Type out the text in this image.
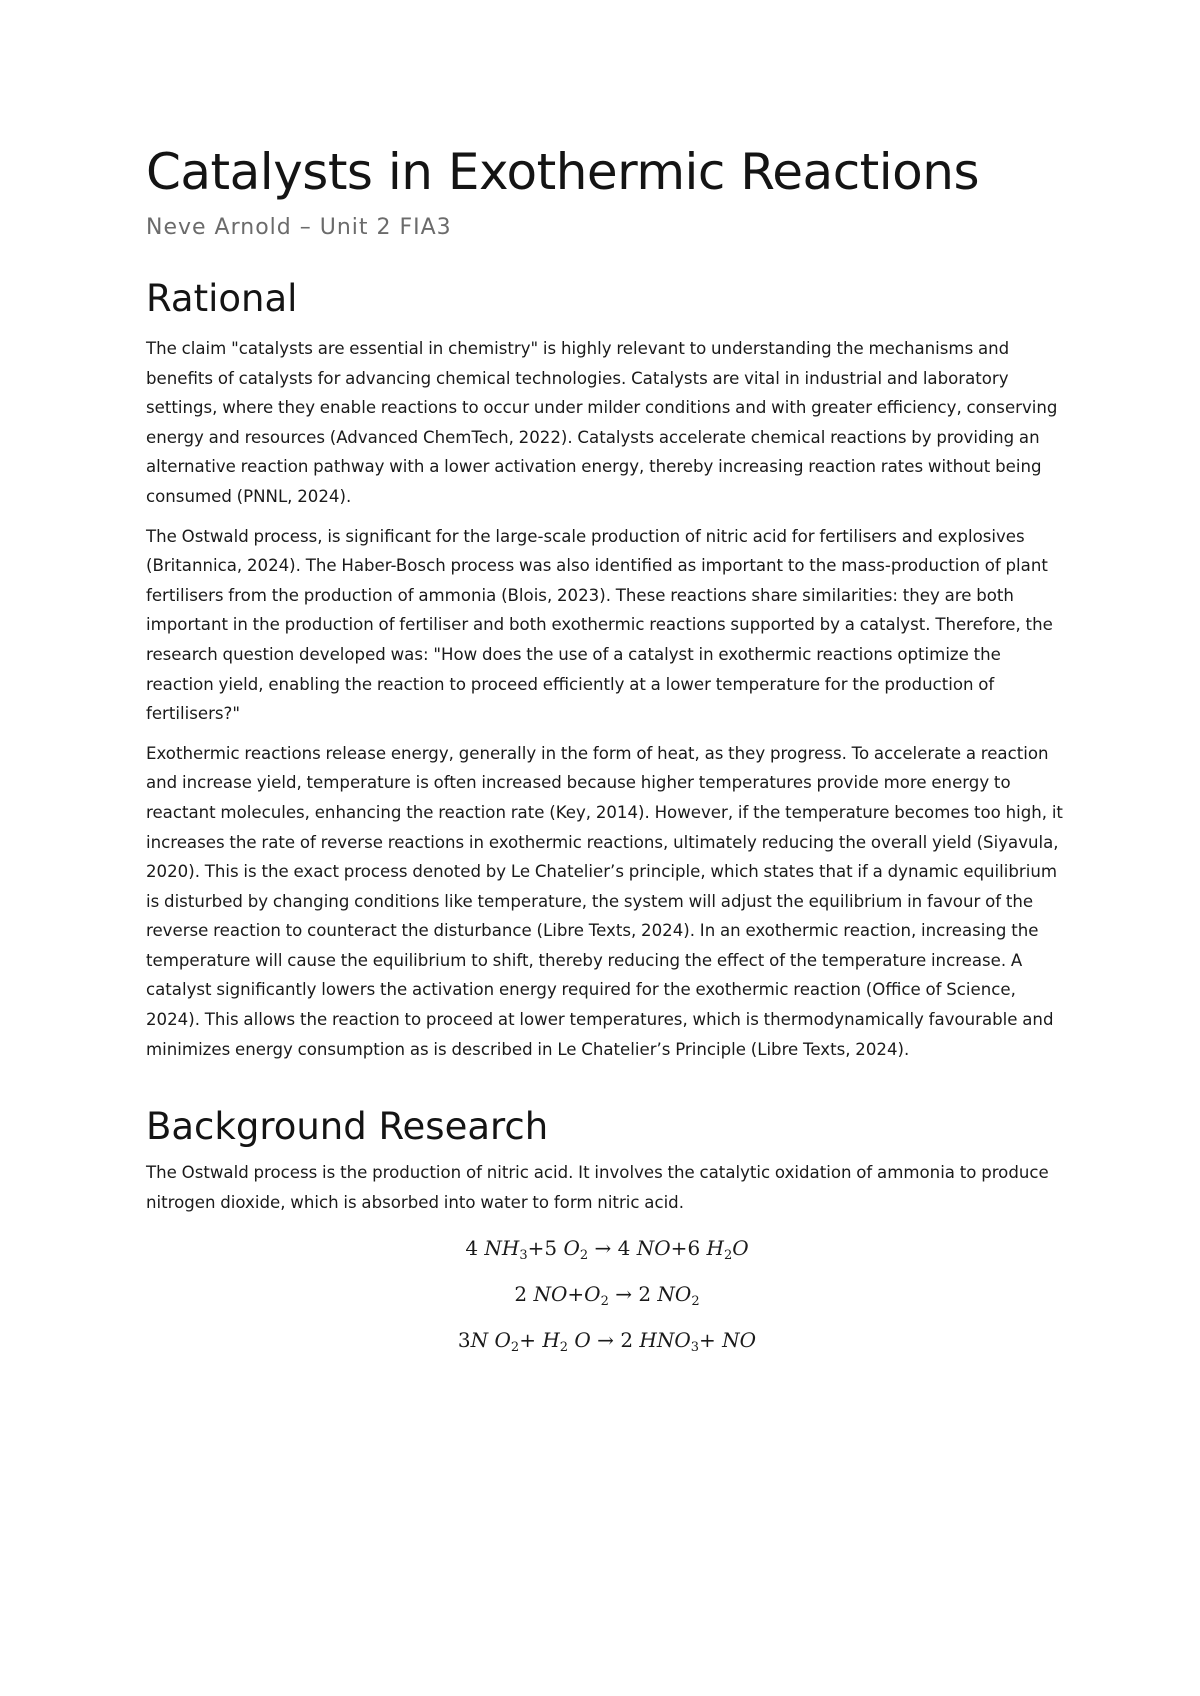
Catalysts in Exothermic Reactions
Neve Arnold – Unit 2 FIA3
Rational

The claim "catalysts are essential in chemistry" is highly relevant to understanding the mechanisms and benefits of catalysts for advancing chemical technologies. Catalysts are vital in industrial and laboratory settings, where they enable reactions to occur under milder conditions and with greater efficiency, conserving energy and resources (Advanced ChemTech, 2022). Catalysts accelerate chemical reactions by providing an alternative reaction pathway with a lower activation energy, thereby increasing reaction rates without being consumed (PNNL, 2024).

The Ostwald process, is significant for the large-scale production of nitric acid for fertilisers and explosives (Britannica, 2024). The Haber-Bosch process was also identified as important to the mass-production of plant fertilisers from the production of ammonia (Blois, 2023). These reactions share similarities: they are both important in the production of fertiliser and both exothermic reactions supported by a catalyst. Therefore, the research question developed was: "How does the use of a catalyst in exothermic reactions optimize the reaction yield, enabling the reaction to proceed efficiently at a lower temperature for the production of fertilisers?"

Exothermic reactions release energy, generally in the form of heat, as they progress. To accelerate a reaction and increase yield, temperature is often increased because higher temperatures provide more energy to reactant molecules, enhancing the reaction rate (Key, 2014). However, if the temperature becomes too high, it increases the rate of reverse reactions in exothermic reactions, ultimately reducing the overall yield (Siyavula, 2020). This is the exact process denoted by Le Chatelier’s principle, which states that if a dynamic equilibrium is disturbed by changing conditions like temperature, the system will adjust the equilibrium in favour of the reverse reaction to counteract the disturbance (Libre Texts, 2024). In an exothermic reaction, increasing the temperature will cause the equilibrium to shift, thereby reducing the effect of the temperature increase. A catalyst significantly lowers the activation energy required for the exothermic reaction (Office of Science, 2024). This allows the reaction to proceed at lower temperatures, which is thermodynamically favourable and minimizes energy consumption as is described in Le Chatelier’s Principle (Libre Texts, 2024).

Background Research

The Ostwald process is the production of nitric acid. It involves the catalytic oxidation of ammonia to produce nitrogen dioxide, which is absorbed into water to form nitric acid.

4 $NH_3+5$ $O_2 \to 4$ NO+6 $H_2O$
2 $NO+O_2 \to 2$ $NO_2$
3N $O_2+ H_2$ O → 2 $HNO_3+$ NO
